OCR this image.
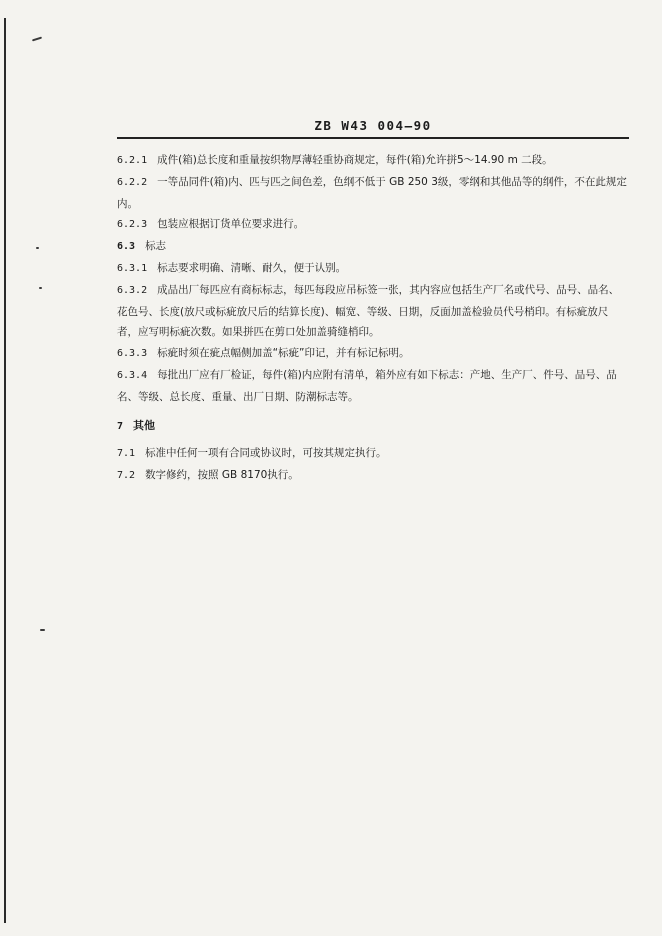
ZB W43 004—90

6.2.1 成件(箱)总长度和重量按织物厚薄轻重协商规定，每件(箱)允许拼5～14.90 m 二段。

6.2.2 一等品同件(箱)内、匹与匹之间色差，色纲不低于 GB 250 3级，零纲和其他品等的纲件，不在此规定内。

6.2.3 包装应根据订货单位要求进行。

6.3 标志

6.3.1 标志要求明确、清晰、耐久，便于认别。

6.3.2 成品出厂每匹应有商标标志，每匹每段应吊标签一张，其内容应包括生产厂名或代号、品号、品名、花色号、长度(放尺或标疵放尺后的结算长度)、幅宽、等级、日期，反面加盖检验员代号梢印。有标疵放尺者，应写明标疵次数。如果拼匹在剪口处加盖骑缝梢印。

6.3.3 标疵时须在疵点幅侧加盖“标疵”印记，并有标记标明。

6.3.4 每批出厂应有厂检证，每件(箱)内应附有清单，箱外应有如下标志：产地、生产厂、件号、品号、品名、等级、总长度、重量、出厂日期、防潮标志等。

7 其他

7.1 标准中任何一项有合同或协议时，可按其规定执行。

7.2 数字修约，按照 GB 8170执行。
